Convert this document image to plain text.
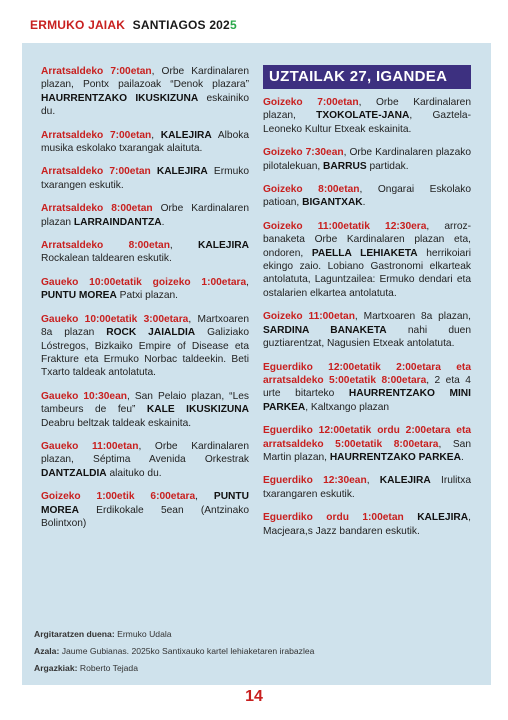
ERMUKO JAIAK SANTIAGOS 2025

Arratsaldeko 7:00etan, Orbe Kardinalaren plazan, Pontx pailazoak “Denok plazara” HAURRENTZAKO IKUSKIZUNA eskainiko du.

Arratsaldeko 7:00etan, KALEJIRA Alboka musika eskolako txarangak alaituta.

Arratsaldeko 7:00etan KALEJIRA Ermuko txarangen eskutik.

Arratsaldeko 8:00etan Orbe Kardinalaren plazan LARRAINDANTZA.

Arratsaldeko 8:00etan, KALEJIRA Rockalean taldearen eskutik.

Gaueko 10:00etatik goizeko 1:00etara, PUNTU MOREA Patxi plazan.

Gaueko 10:00etatik 3:00etara, Martxoaren 8a plazan ROCK JAIALDIA Galiziako Lóstregos, Bizkaiko Empire of Disease eta Frakture eta Ermuko Norbac taldeekin. Beti Txarto taldeak antolatuta.

Gaueko 10:30ean, San Pelaio plazan, “Les tambeurs de feu” KALE IKUSKIZUNA Deabru beltzak taldeak eskainita.

Gaueko 11:00etan, Orbe Kardinalaren plazan, Séptima Avenida Orkestrak DANTZALDIA alaituko du.

Goizeko 1:00etik 6:00etara, PUNTU MOREA Erdikokale 5ean (Antzinako Bolintxon)

UZTAILAK 27, IGANDEA

Goizeko 7:00etan, Orbe Kardinalaren plazan, TXOKOLATE-JANA, Gaztela- Leoneko Kultur Etxeak eskainita.

Goizeko 7:30ean, Orbe Kardinalaren plazako pilotalekuan, BARRUS partidak.

Goizeko 8:00etan, Ongarai Eskolako patioan, BIGANTXAK.

Goizeko 11:00etatik 12:30era, arroz-banaketa Orbe Kardinalaren plazan eta, ondoren, PAELLA LEHIAKETA herrikoiari ekingo zaio. Lobiano Gastronomi elkarteak antolatuta, Laguntzailea: Ermuko dendari eta ostalarien elkartea antolatuta.

Goizeko 11:00etan, Martxoaren 8a plazan, SARDINA BANAKETA nahi duen guztiarentzat, Nagusien Etxeak antolatuta.

Eguerdiko 12:00etatik 2:00etara eta arratsaldeko 5:00etatik 8:00etara, 2 eta 4 urte bitarteko HAURRENTZAKO MINI PARKEA, Kaltxango plazan

Eguerdiko 12:00etatik ordu 2:00etara eta arratsaldeko 5:00etatik 8:00etara, San Martin plazan, HAURRENTZAKO PARKEA.

Eguerdiko 12:30ean, KALEJIRA Irulitxa txarangaren eskutik.

Eguerdiko ordu 1:00etan KALEJIRA, Macjeara,s Jazz bandaren eskutik.

Argitaratzen duena: Ermuko Udala
Azala: Jaume Gubianas. 2025ko Santixauko kartel lehiaketaren irabazlea
Argazkiak: Roberto Tejada
14
